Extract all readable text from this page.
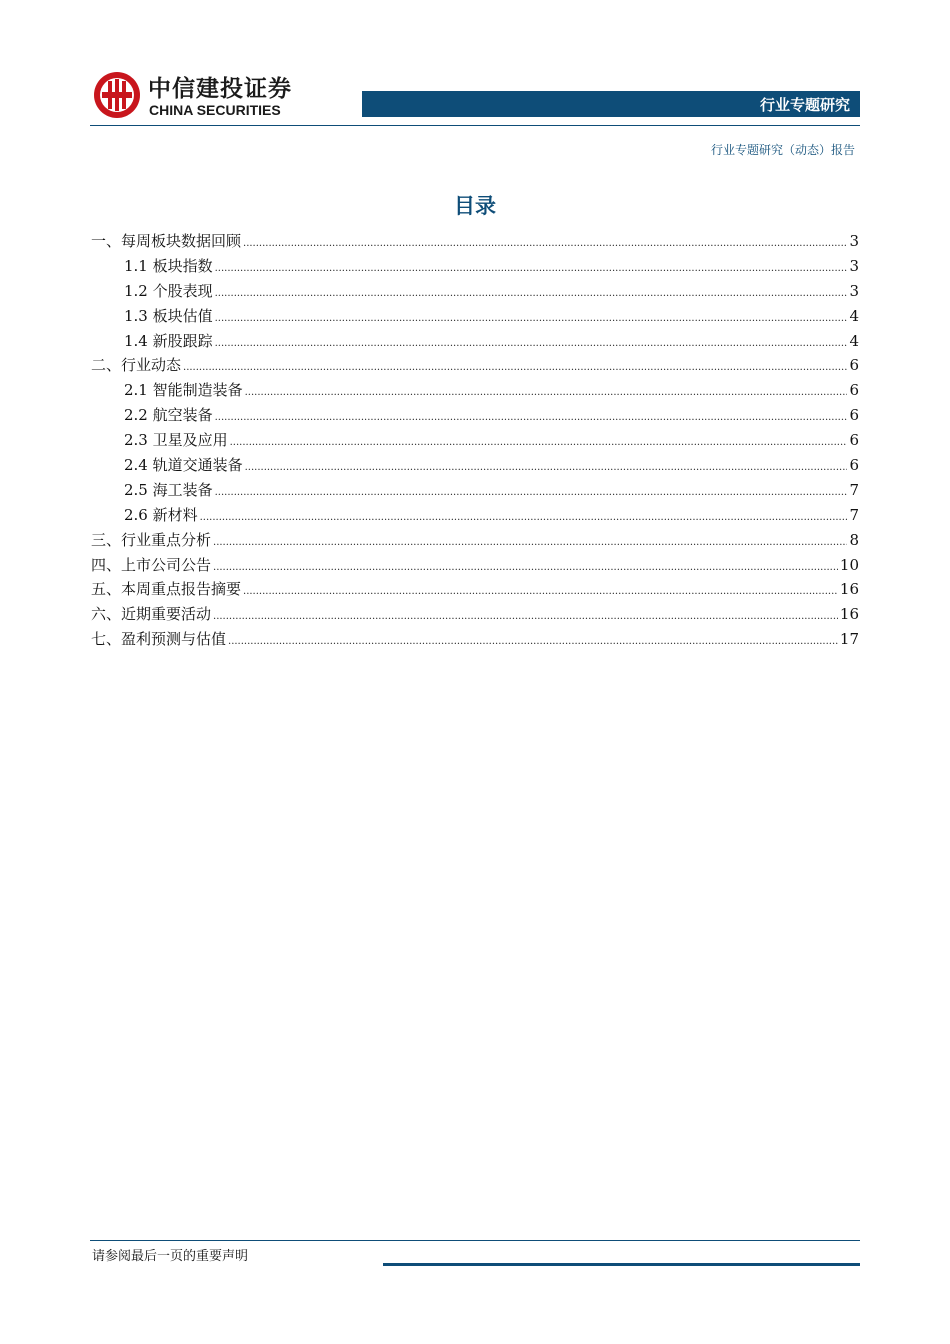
中信建投证券
CHINA SECURITIES	行业专题研究
行业专题研究（动态）报告
目录
一、每周板块数据回顾 .....	3
1.1 板块指数 .....	3
1.2 个股表现 .....	3
1.3 板块估值 .....	4
1.4 新股跟踪 .....	4
二、行业动态 .....	6
2.1 智能制造装备 .....	6
2.2 航空装备 .....	6
2.3 卫星及应用 .....	6
2.4 轨道交通装备 .....	6
2.5 海工装备 .....	7
2.6 新材料 .....	7
三、行业重点分析 .....	8
四、上市公司公告 .....	10
五、本周重点报告摘要 .....	16
六、近期重要活动 .....	16
七、盈利预测与估值 .....	17
请参阅最后一页的重要声明
